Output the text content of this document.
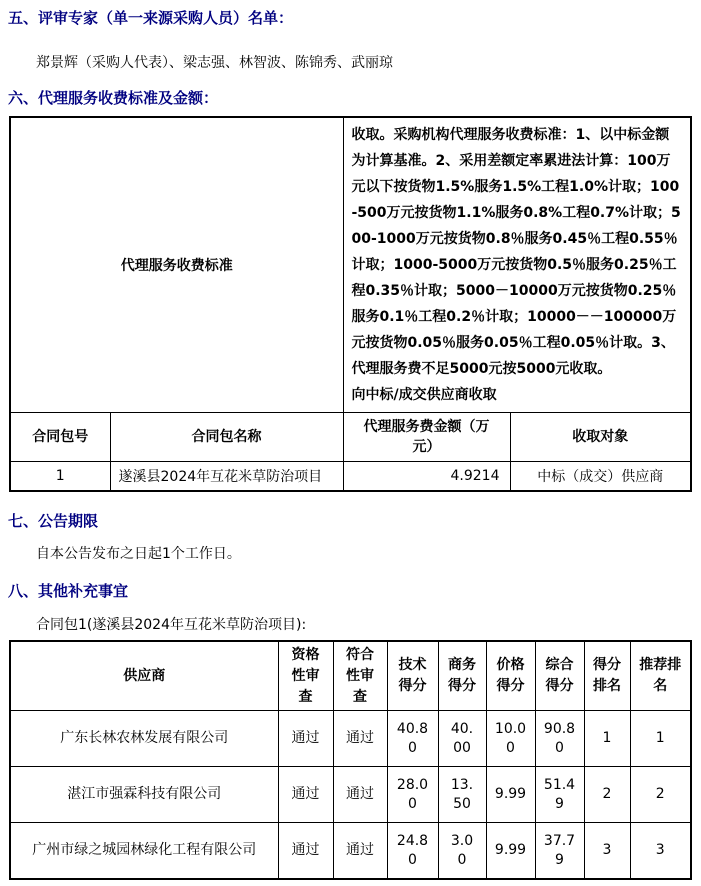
五、评审专家（单一来源采购人员）名单：

郑景辉（采购人代表）、梁志强、林智波、陈锦秀、武丽琼

六、代理服务收费标准及金额：
代理服务收费标准		收取。采购机构代理服务收费标准：1、以中标金额为计算基准。2、采用差额定率累进法计算：100万元以下按货物1.5%服务1.5%工程1.0%计取；100-500万元按货物1.1%服务0.8%工程0.7%计取；500-1000万元按货物0.8％服务0.45％工程0.55％计取；1000-5000万元按货物0.5％服务0.25％工程0.35％计取；5000－10000万元按货物0.25％服务0.1％工程0.2％计取；10000－－100000万元按货物0.05％服务0.05％工程0.05％计取。3、代理服务费不足5000元按5000元收取。
向中标/成交供应商收取	

合同包号	合同包名称	代理服务费金额（万元）	收取对象
1	遂溪县2024年互花米草防治项目	4.9214	中标（成交）供应商
七、公告期限

自本公告发布之日起1个工作日。

八、其他补充事宜

合同包1(遂溪县2024年互花米草防治项目):

供应商	资格性审查	符合性审查	技术得分	商务得分	价格得分	综合得分	得分排名	推荐排名
广东长林农林发展有限公司	通过	通过	40.80	40.00	10.00	90.80	1	1
湛江市强霖科技有限公司	通过	通过	28.00	13.50	9.99	51.49	2	2
广州市绿之城园林绿化工程有限公司	通过	通过	24.80	3.00	9.99	37.79	3	3
